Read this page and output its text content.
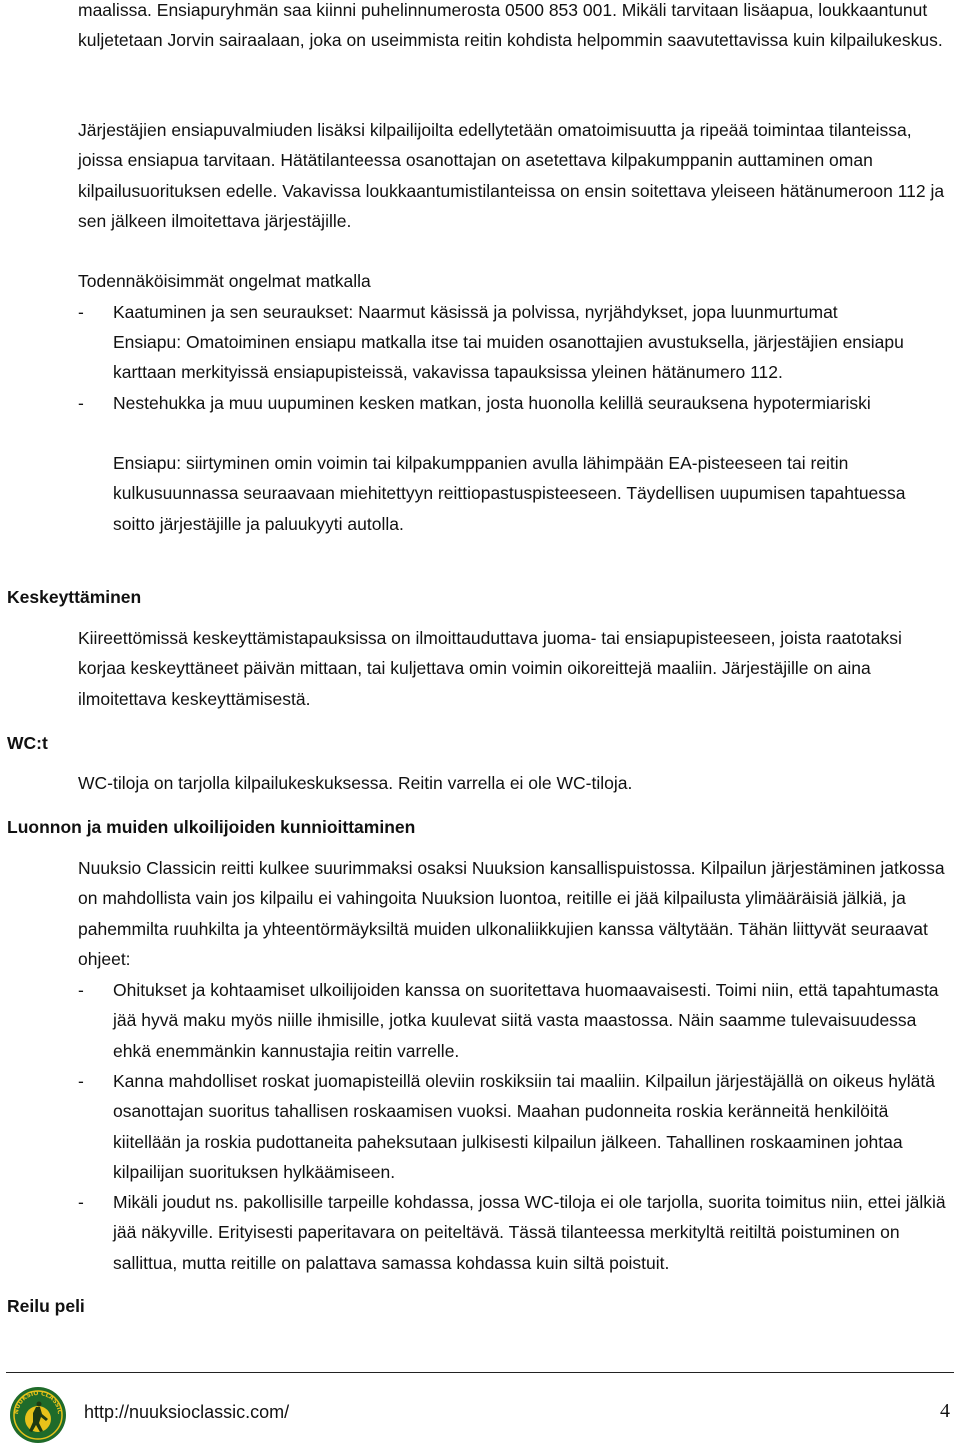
maalissa. Ensiapuryhmän saa kiinni puhelinnumerosta 0500 853 001. Mikäli tarvitaan lisäapua, loukkaantunut kuljetetaan Jorvin sairaalaan, joka on useimmista reitin kohdista helpommin saavutettavissa kuin kilpailukeskus.

Järjestäjien ensiapuvalmiuden lisäksi kilpailijoilta edellytetään omatoimisuutta ja ripeää toimintaa tilanteissa, joissa ensiapua tarvitaan. Hätätilanteessa osanottajan on asetettava kilpakumppanin auttaminen oman kilpailusuorituksen edelle. Vakavissa loukkaantumistilanteissa on ensin soitettava yleiseen hätänumeroon 112 ja sen jälkeen ilmoitettava järjestäjille.

Todennäköisimmät ongelmat matkalla

-	Kaatuminen ja sen seuraukset: Naarmut käsissä ja polvissa, nyrjähdykset, jopa luunmurtumat

Ensiapu: Omatoiminen ensiapu matkalla itse tai muiden osanottajien avustuksella, järjestäjien ensiapu karttaan merkityissä ensiapupisteissä, vakavissa tapauksissa yleinen hätänumero 112.

-	Nestehukka ja muu uupuminen kesken matkan, josta huonolla kelillä seurauksena hypotermiariski

Ensiapu: siirtyminen omin voimin tai kilpakumppanien avulla lähimpään EA-pisteeseen tai reitin kulkusuunnassa seuraavaan miehitettyyn reittiopastuspisteeseen. Täydellisen uupumisen tapahtuessa soitto järjestäjille ja paluukyyti autolla.

Keskeyttäminen

Kiireettömissä keskeyttämistapauksissa on ilmoittauduttava juoma- tai ensiapupisteeseen, joista raatotaksi korjaa keskeyttäneet päivän mittaan, tai kuljettava omin voimin oikoreittejä maaliin. Järjestäjille on aina ilmoitettava keskeyttämisestä.

WC:t

WC-tiloja on tarjolla kilpailukeskuksessa. Reitin varrella ei ole WC-tiloja.

Luonnon ja muiden ulkoilijoiden kunnioittaminen

Nuuksio Classicin reitti kulkee suurimmaksi osaksi Nuuksion kansallispuistossa. Kilpailun järjestäminen jatkossa on mahdollista vain jos kilpailu ei vahingoita Nuuksion luontoa, reitille ei jää kilpailusta ylimääräisiä jälkiä, ja pahemmilta ruuhkilta ja yhteentörmäyksiltä muiden ulkonaliikkujien kanssa vältytään. Tähän liittyvät seuraavat ohjeet:

-	Ohitukset ja kohtaamiset ulkoilijoiden kanssa on suoritettava huomaavaisesti. Toimi niin, että tapahtumasta jää hyvä maku myös niille ihmisille, jotka kuulevat siitä vasta maastossa. Näin saamme tulevaisuudessa ehkä enemmänkin kannustajia reitin varrelle.

-	Kanna mahdolliset roskat juomapisteillä oleviin roskiksiin tai maaliin. Kilpailun järjestäjällä on oikeus hylätä osanottajan suoritus tahallisen roskaamisen vuoksi. Maahan pudonneita roskia keränneitä henkilöitä kiitellään ja roskia pudottaneita paheksutaan julkisesti kilpailun jälkeen. Tahallinen roskaaminen johtaa kilpailijan suorituksen hylkäämiseen.

-	Mikäli joudut ns. pakollisille tarpeille kohdassa, jossa WC-tiloja ei ole tarjolla, suorita toimitus niin, ettei jälkiä jää näkyville. Erityisesti paperitavara on peiteltävä. Tässä tilanteessa merkityltä reitiltä poistuminen on sallittua, mutta reitille on palattava samassa kohdassa kuin siltä poistuit.

Reilu peli
NUUKSIO CLASSIC http://nuuksioclassic.com/	4
